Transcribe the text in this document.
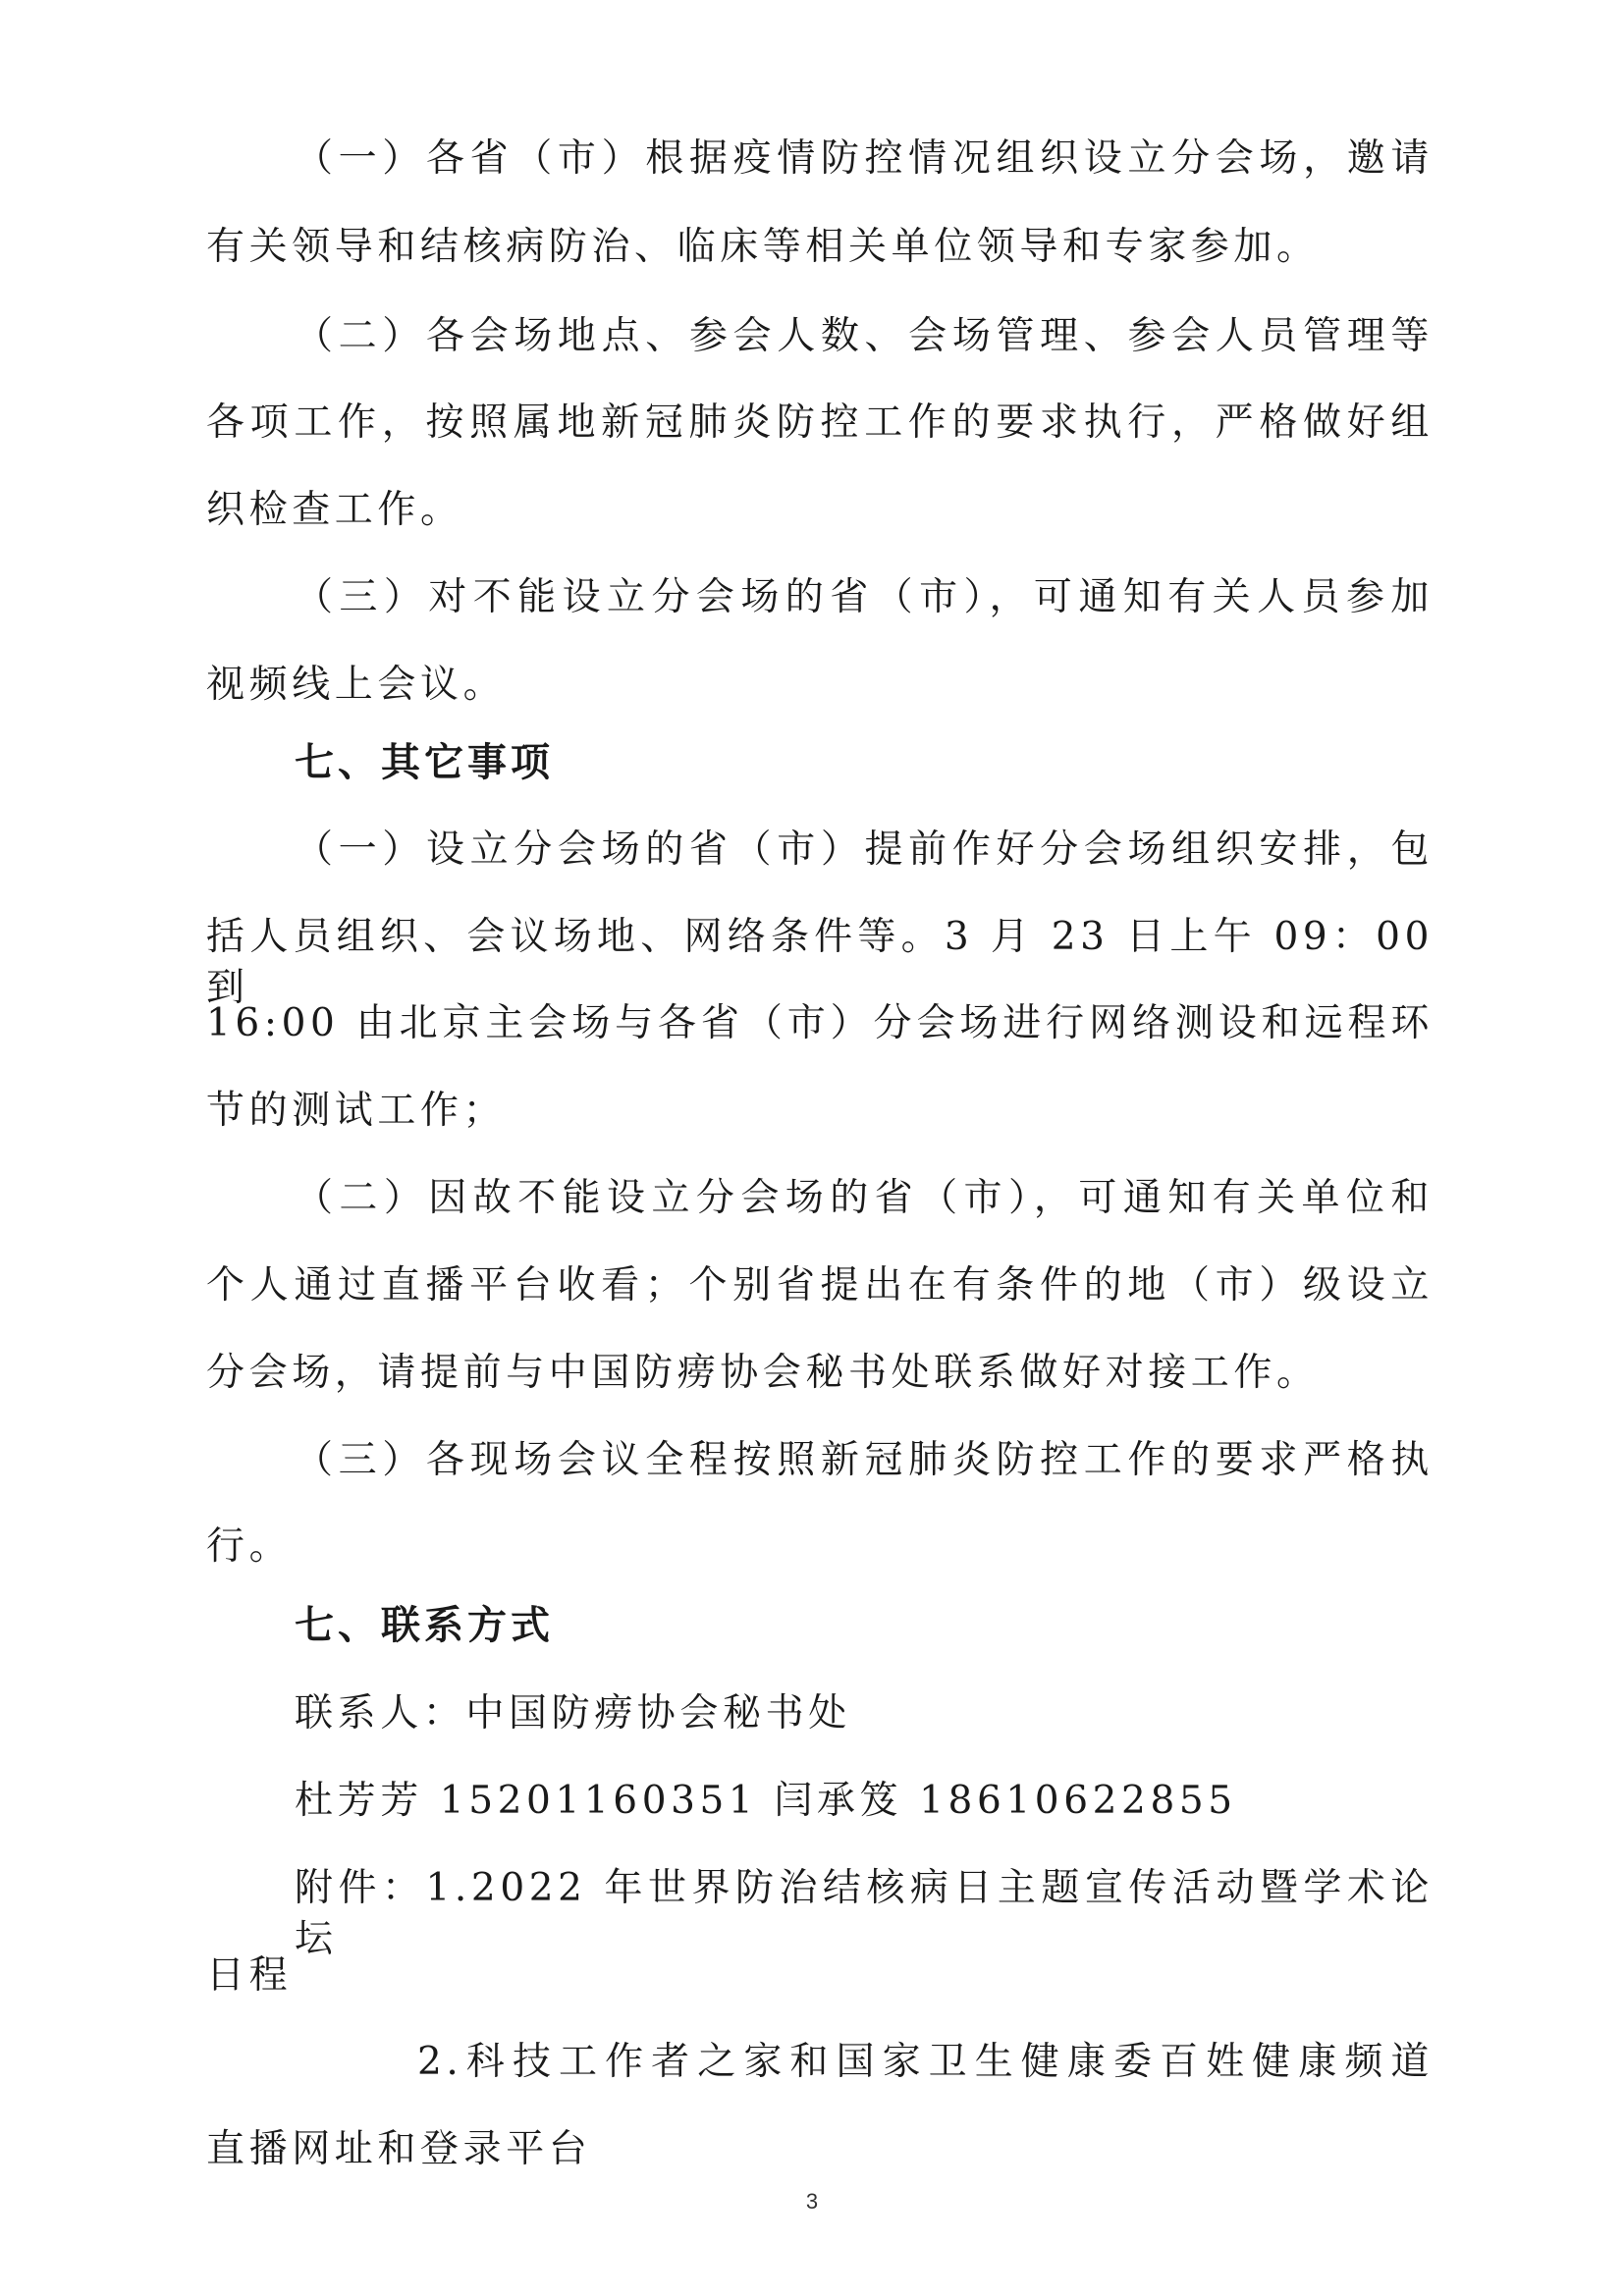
（一）各省（市）根据疫情防控情况组织设立分会场，邀请
有关领导和结核病防治、临床等相关单位领导和专家参加。
（二）各会场地点、参会人数、会场管理、参会人员管理等
各项工作，按照属地新冠肺炎防控工作的要求执行，严格做好组
织检查工作。
（三）对不能设立分会场的省（市），可通知有关人员参加
视频线上会议。
七、其它事项
（一）设立分会场的省（市）提前作好分会场组织安排，包
括人员组织、会议场地、网络条件等。3 月 23 日上午 09：00 到
16:00 由北京主会场与各省（市）分会场进行网络测设和远程环
节的测试工作；
（二）因故不能设立分会场的省（市），可通知有关单位和
个人通过直播平台收看；个别省提出在有条件的地（市）级设立
分会场，请提前与中国防痨协会秘书处联系做好对接工作。
（三）各现场会议全程按照新冠肺炎防控工作的要求严格执
行。
七、联系方式
联系人：中国防痨协会秘书处
杜芳芳 15201160351 闫承笈 18610622855
附件：1.2022 年世界防治结核病日主题宣传活动暨学术论坛
日程
2.科技工作者之家和国家卫生健康委百姓健康频道
直播网址和登录平台
3
